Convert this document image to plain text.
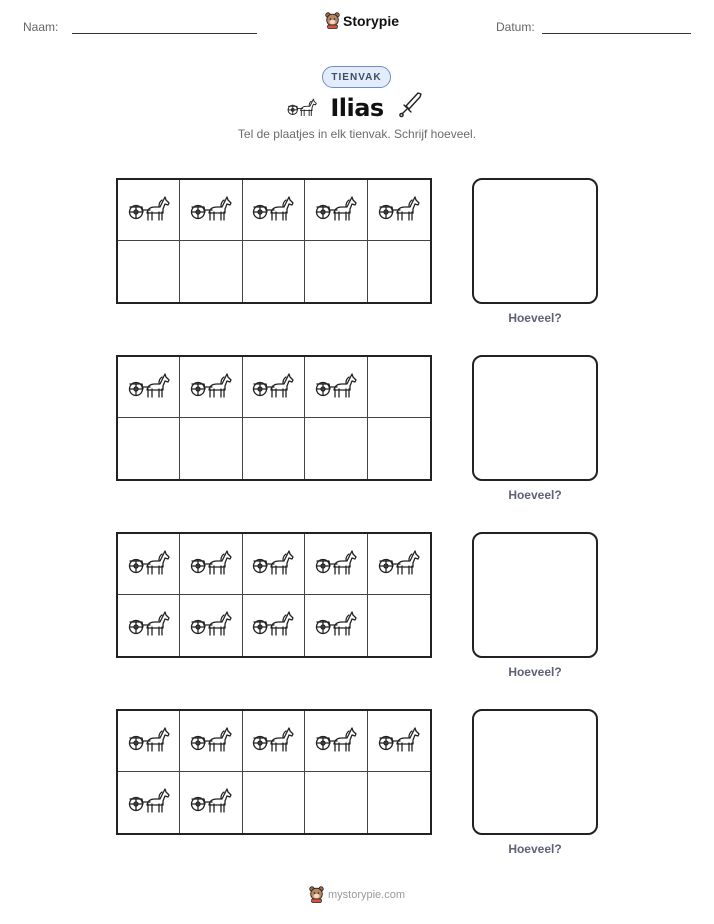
Naam:	Storypie	Datum:
TIENVAK
Ilias
Tel de plaatjes in elk tienvak. Schrijf hoeveel.
Hoeveel?
Hoeveel?
Hoeveel?
Hoeveel?
mystorypie.com
